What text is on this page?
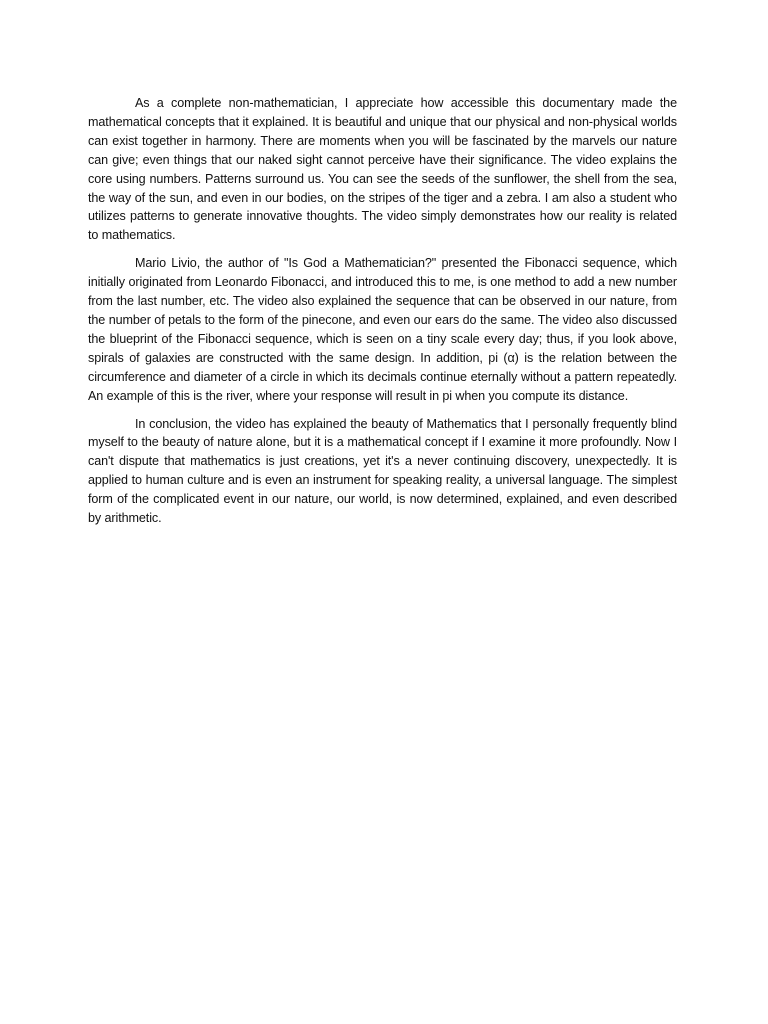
As a complete non-mathematician, I appreciate how accessible this documentary made the mathematical concepts that it explained. It is beautiful and unique that our physical and non-physical worlds can exist together in harmony. There are moments when you will be fascinated by the marvels our nature can give; even things that our naked sight cannot perceive have their significance. The video explains the core using numbers. Patterns surround us. You can see the seeds of the sunflower, the shell from the sea, the way of the sun, and even in our bodies, on the stripes of the tiger and a zebra. I am also a student who utilizes patterns to generate innovative thoughts. The video simply demonstrates how our reality is related to mathematics.

Mario Livio, the author of "Is God a Mathematician?" presented the Fibonacci sequence, which initially originated from Leonardo Fibonacci, and introduced this to me, is one method to add a new number from the last number, etc. The video also explained the sequence that can be observed in our nature, from the number of petals to the form of the pinecone, and even our ears do the same. The video also discussed the blueprint of the Fibonacci sequence, which is seen on a tiny scale every day; thus, if you look above, spirals of galaxies are constructed with the same design. In addition, pi (α) is the relation between the circumference and diameter of a circle in which its decimals continue eternally without a pattern repeatedly. An example of this is the river, where your response will result in pi when you compute its distance.

In conclusion, the video has explained the beauty of Mathematics that I personally frequently blind myself to the beauty of nature alone, but it is a mathematical concept if I examine it more profoundly. Now I can't dispute that mathematics is just creations, yet it's a never continuing discovery, unexpectedly. It is applied to human culture and is even an instrument for speaking reality, a universal language. The simplest form of the complicated event in our nature, our world, is now determined, explained, and even described by arithmetic.
